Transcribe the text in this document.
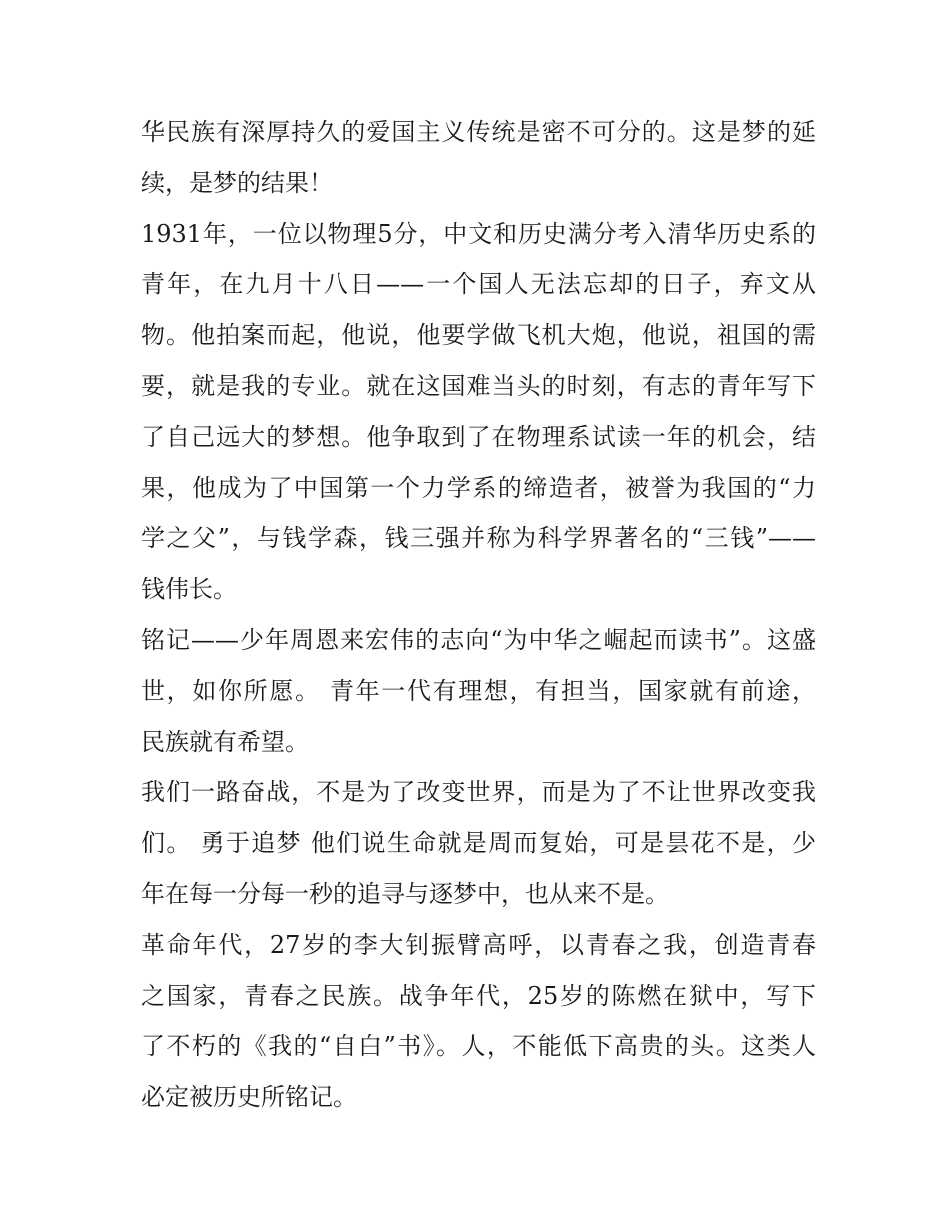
华民族有深厚持久的爱国主义传统是密不可分的。这是梦的延
续，是梦的结果！
1931年，一位以物理5分，中文和历史满分考入清华历史系的
青年，在九月十八日——一个国人无法忘却的日子，弃文从
物。他拍案而起，他说，他要学做飞机大炮，他说，祖国的需
要，就是我的专业。就在这国难当头的时刻，有志的青年写下
了自己远大的梦想。他争取到了在物理系试读一年的机会，结
果，他成为了中国第一个力学系的缔造者，被誉为我国的“力
学之父”，与钱学森，钱三强并称为科学界著名的“三钱”——
钱伟长。
铭记——少年周恩来宏伟的志向“为中华之崛起而读书”。这盛
世，如你所愿。 青年一代有理想，有担当，国家就有前途，
民族就有希望。
我们一路奋战，不是为了改变世界，而是为了不让世界改变我
们。 勇于追梦 他们说生命就是周而复始，可是昙花不是，少
年在每一分每一秒的追寻与逐梦中，也从来不是。
革命年代，27岁的李大钊振臂高呼，以青春之我，创造青春
之国家，青春之民族。战争年代，25岁的陈燃在狱中，写下
了不朽的《我的“自白”书》。人，不能低下高贵的头。这类人
必定被历史所铭记。
